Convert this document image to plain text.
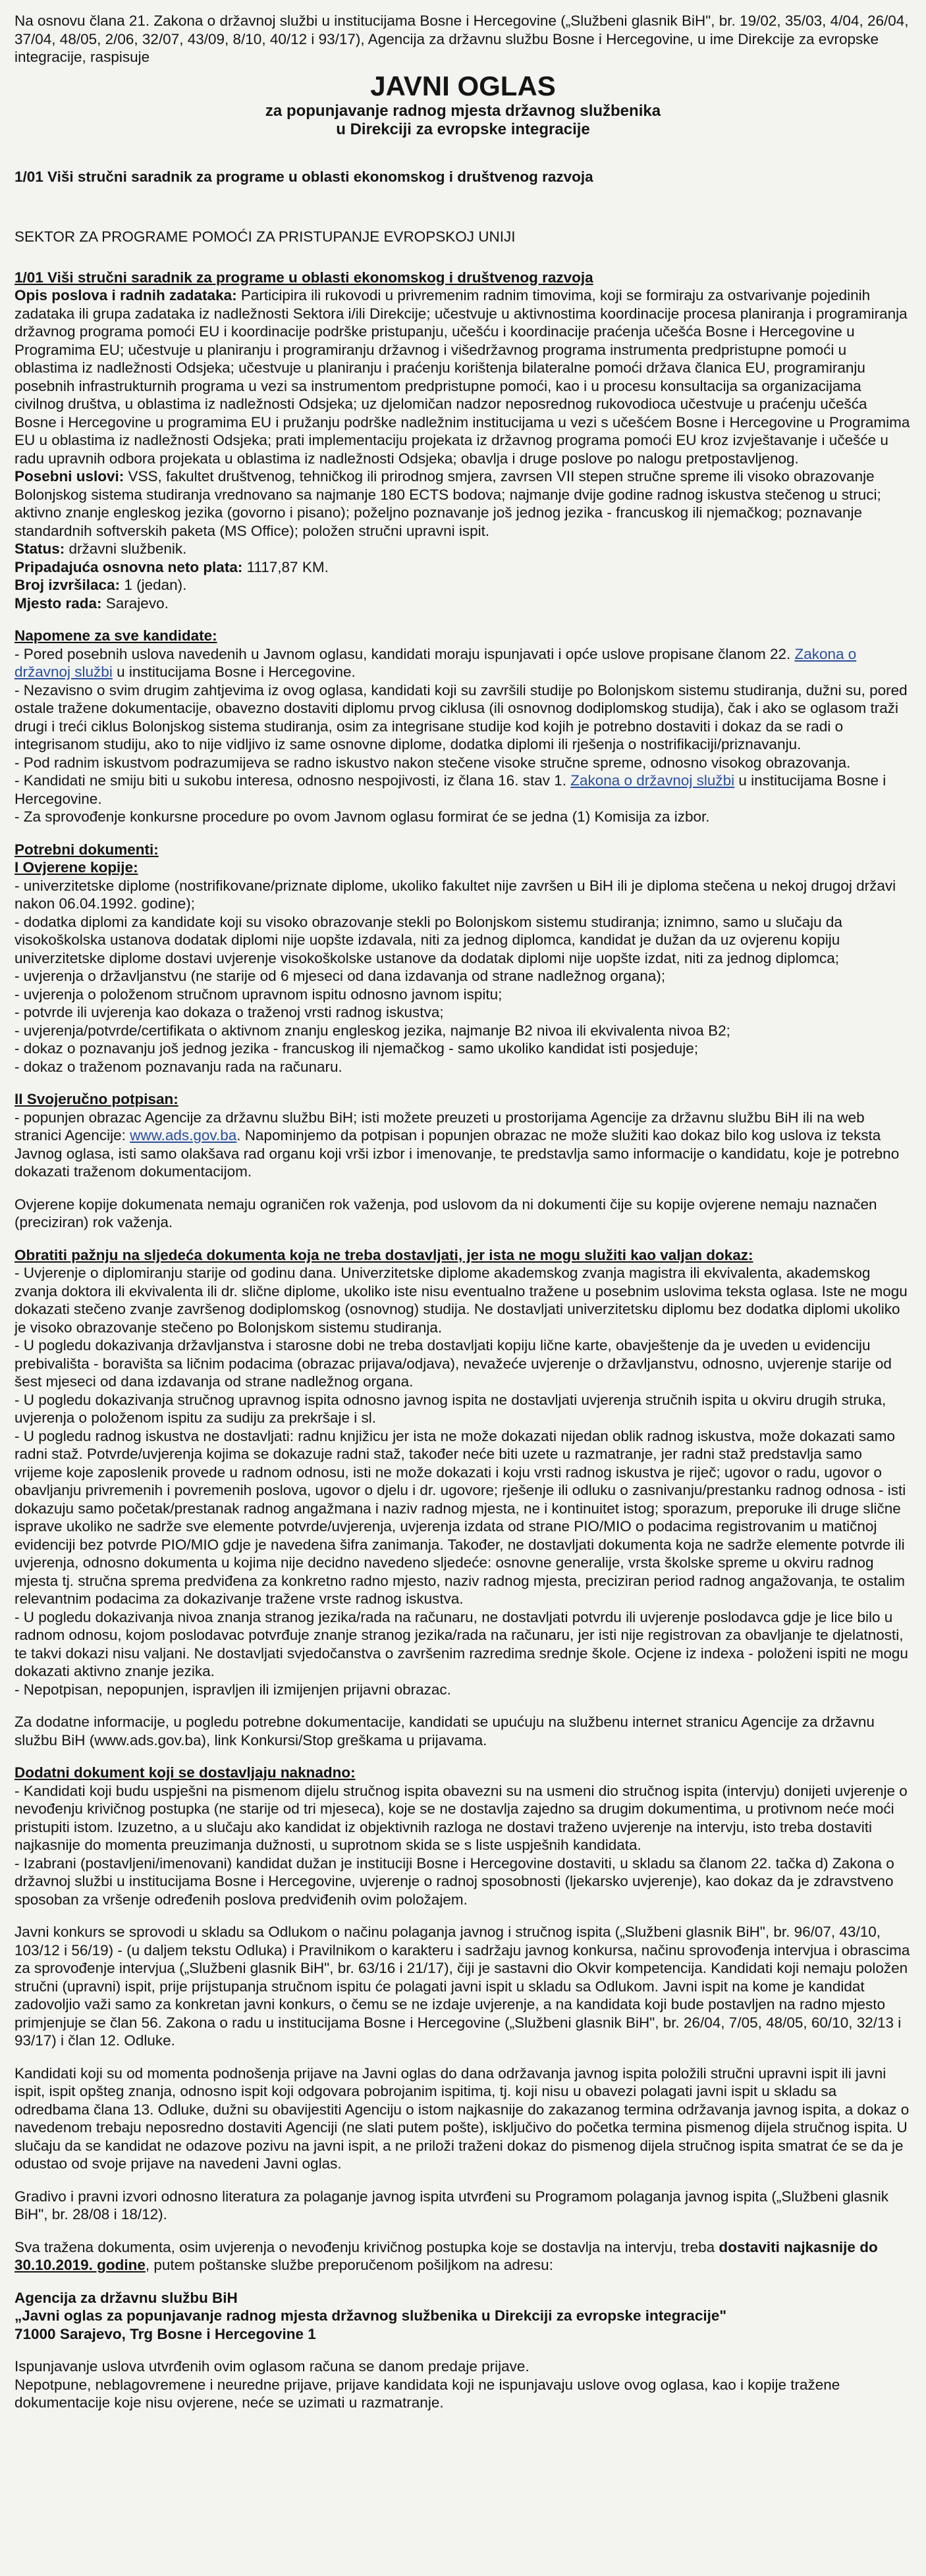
Na osnovu člana 21. Zakona o državnoj službi u institucijama Bosne i Hercegovine („Službeni glasnik BiH", br. 19/02, 35/03, 4/04, 26/04, 37/04, 48/05, 2/06, 32/07, 43/09, 8/10, 40/12 i 93/17), Agencija za državnu službu Bosne i Hercegovine, u ime Direkcije za evropske integracije, raspisuje

JAVNI OGLAS
za popunjavanje radnog mjesta državnog službenika
u Direkciji za evropske integracije

1/01 Viši stručni saradnik za programe u oblasti ekonomskog i društvenog razvoja

SEKTOR ZA PROGRAME POMOĆI ZA PRISTUPANJE EVROPSKOJ UNIJI

1/01 Viši stručni saradnik za programe u oblasti ekonomskog i društvenog razvoja

Opis poslova i radnih zadataka: Participira ili rukovodi u privremenim radnim timovima, koji se formiraju za ostvarivanje pojedinih zadataka ili grupa zadataka iz nadležnosti Sektora i/ili Direkcije; učestvuje u aktivnostima koordinacije procesa planiranja i programiranja državnog programa pomoći EU i koordinacije podrške pristupanju, učešću i koordinacije praćenja učešća Bosne i Hercegovine u Programima EU; učestvuje u planiranju i programiranju državnog i višedržavnog programa instrumenta predpristupne pomoći u oblastima iz nadležnosti Odsjeka; učestvuje u planiranju i praćenju korištenja bilateralne pomoći država članica EU, programiranju posebnih infrastrukturnih programa u vezi sa instrumentom predpristupne pomoći, kao i u procesu konsultacija sa organizacijama civilnog društva, u oblastima iz nadležnosti Odsjeka; uz djelomičan nadzor neposrednog rukovodioca učestvuje u praćenju učešća Bosne i Hercegovine u programima EU i pružanju podrške nadležnim institucijama u vezi s učešćem Bosne i Hercegovine u Programima EU u oblastima iz nadležnosti Odsjeka; prati implementaciju projekata iz državnog programa pomoći EU kroz izvještavanje i učešće u radu upravnih odbora projekata u oblastima iz nadležnosti Odsjeka; obavlja i druge poslove po nalogu pretpostavljenog.

Posebni uslovi: VSS, fakultet društvenog, tehničkog ili prirodnog smjera, zavrsen VII stepen stručne spreme ili visoko obrazovanje Bolonjskog sistema studiranja vrednovano sa najmanje 180 ECTS bodova; najmanje dvije godine radnog iskustva stečenog u struci; aktivno znanje engleskog jezika (govorno i pisano); poželjno poznavanje još jednog jezika - francuskog ili njemačkog; poznavanje standardnih softverskih paketa (MS Office); položen stručni upravni ispit.

Status: državni službenik.

Pripadajuća osnovna neto plata: 1117,87 KM.

Broj izvršilaca: 1 (jedan).

Mjesto rada: Sarajevo.

Napomene za sve kandidate:

- Pored posebnih uslova navedenih u Javnom oglasu, kandidati moraju ispunjavati i opće uslove propisane članom 22. Zakona o državnoj službi u institucijama Bosne i Hercegovine.

- Nezavisno o svim drugim zahtjevima iz ovog oglasa, kandidati koji su završili studije po Bolonjskom sistemu studiranja, dužni su, pored ostale tražene dokumentacije, obavezno dostaviti diplomu prvog ciklusa (ili osnovnog dodiplomskog studija), čak i ako se oglasom traži drugi i treći ciklus Bolonjskog sistema studiranja, osim za integrisane studije kod kojih je potrebno dostaviti i dokaz da se radi o integrisanom studiju, ako to nije vidljivo iz same osnovne diplome, dodatka diplomi ili rješenja o nostrifikaciji/priznavanju.

- Pod radnim iskustvom podrazumijeva se radno iskustvo nakon stečene visoke stručne spreme, odnosno visokog obrazovanja.

- Kandidati ne smiju biti u sukobu interesa, odnosno nespojivosti, iz člana 16. stav 1. Zakona o državnoj službi u institucijama Bosne i Hercegovine.

- Za sprovođenje konkursne procedure po ovom Javnom oglasu formirat će se jedna (1) Komisija za izbor.

Potrebni dokumenti:

I Ovjerene kopije:

- univerzitetske diplome (nostrifikovane/priznate diplome, ukoliko fakultet nije završen u BiH ili je diploma stečena u nekoj drugoj državi nakon 06.04.1992. godine);

- dodatka diplomi za kandidate koji su visoko obrazovanje stekli po Bolonjskom sistemu studiranja; iznimno, samo u slučaju da visokoškolska ustanova dodatak diplomi nije uopšte izdavala, niti za jednog diplomca, kandidat je dužan da uz ovjerenu kopiju univerzitetske diplome dostavi uvjerenje visokoškolske ustanove da dodatak diplomi nije uopšte izdat, niti za jednog diplomca;

- uvjerenja o državljanstvu (ne starije od 6 mjeseci od dana izdavanja od strane nadležnog organa);

- uvjerenja o položenom stručnom upravnom ispitu odnosno javnom ispitu;

- potvrde ili uvjerenja kao dokaza o traženoj vrsti radnog iskustva;

- uvjerenja/potvrde/certifikata o aktivnom znanju engleskog jezika, najmanje B2 nivoa ili ekvivalenta nivoa B2;

- dokaz o poznavanju još jednog jezika - francuskog ili njemačkog - samo ukoliko kandidat isti posjeduje;

- dokaz o traženom poznavanju rada na računaru.

II Svojeručno potpisan:

- popunjen obrazac Agencije za državnu službu BiH; isti možete preuzeti u prostorijama Agencije za državnu službu BiH ili na web stranici Agencije: www.ads.gov.ba. Napominjemo da potpisan i popunjen obrazac ne može služiti kao dokaz bilo kog uslova iz teksta Javnog oglasa, isti samo olakšava rad organu koji vrši izbor i imenovanje, te predstavlja samo informacije o kandidatu, koje je potrebno dokazati traženom dokumentacijom.

Ovjerene kopije dokumenata nemaju ograničen rok važenja, pod uslovom da ni dokumenti čije su kopije ovjerene nemaju naznačen (preciziran) rok važenja.

Obratiti pažnju na sljedeća dokumenta koja ne treba dostavljati, jer ista ne mogu služiti kao valjan dokaz:

- Uvjerenje o diplomiranju starije od godinu dana. Univerzitetske diplome akademskog zvanja magistra ili ekvivalenta, akademskog zvanja doktora ili ekvivalenta ili dr. slične diplome, ukoliko iste nisu eventualno tražene u posebnim uslovima teksta oglasa. Iste ne mogu dokazati stečeno zvanje završenog dodiplomskog (osnovnog) studija. Ne dostavljati univerzitetsku diplomu bez dodatka diplomi ukoliko je visoko obrazovanje stečeno po Bolonjskom sistemu studiranja.

- U pogledu dokazivanja državljanstva i starosne dobi ne treba dostavljati kopiju lične karte, obavještenje da je uveden u evidenciju prebivališta - boravišta sa ličnim podacima (obrazac prijava/odjava), nevažeće uvjerenje o državljanstvu, odnosno, uvjerenje starije od šest mjeseci od dana izdavanja od strane nadležnog organa.

- U pogledu dokazivanja stručnog upravnog ispita odnosno javnog ispita ne dostavljati uvjerenja stručnih ispita u okviru drugih struka, uvjerenja o položenom ispitu za sudiju za prekršaje i sl.

- U pogledu radnog iskustva ne dostavljati: radnu knjižicu jer ista ne može dokazati nijedan oblik radnog iskustva, može dokazati samo radni staž. Potvrde/uvjerenja kojima se dokazuje radni staž, također neće biti uzete u razmatranje, jer radni staž predstavlja samo vrijeme koje zaposlenik provede u radnom odnosu, isti ne može dokazati i koju vrsti radnog iskustva je riječ; ugovor o radu, ugovor o obavljanju privremenih i povremenih poslova, ugovor o djelu i dr. ugovore; rješenje ili odluku o zasnivanju/prestanku radnog odnosa - isti dokazuju samo početak/prestanak radnog angažmana i naziv radnog mjesta, ne i kontinuitet istog; sporazum, preporuke ili druge slične isprave ukoliko ne sadrže sve elemente potvrde/uvjerenja, uvjerenja izdata od strane PIO/MIO o podacima registrovanim u matičnoj evidenciji bez potvrde PIO/MIO gdje je navedena šifra zanimanja. Također, ne dostavljati dokumenta koja ne sadrže elemente potvrde ili uvjerenja, odnosno dokumenta u kojima nije decidno navedeno sljedeće: osnovne generalije, vrsta školske spreme u okviru radnog mjesta tj. stručna sprema predviđena za konkretno radno mjesto, naziv radnog mjesta, preciziran period radnog angažovanja, te ostalim relevantnim podacima za dokazivanje tražene vrste radnog iskustva.

- U pogledu dokazivanja nivoa znanja stranog jezika/rada na računaru, ne dostavljati potvrdu ili uvjerenje poslodavca gdje je lice bilo u radnom odnosu, kojom poslodavac potvrđuje znanje stranog jezika/rada na računaru, jer isti nije registrovan za obavljanje te djelatnosti, te takvi dokazi nisu valjani. Ne dostavljati svjedočanstva o završenim razredima srednje škole. Ocjene iz indexa - položeni ispiti ne mogu dokazati aktivno znanje jezika.

- Nepotpisan, nepopunjen, ispravljen ili izmijenjen prijavni obrazac.

Za dodatne informacije, u pogledu potrebne dokumentacije, kandidati se upućuju na službenu internet stranicu Agencije za državnu službu BiH (www.ads.gov.ba), link Konkursi/Stop greškama u prijavama.

Dodatni dokument koji se dostavljaju naknadno:

- Kandidati koji budu uspješni na pismenom dijelu stručnog ispita obavezni su na usmeni dio stručnog ispita (intervju) donijeti uvjerenje o nevođenju krivičnog postupka (ne starije od tri mjeseca), koje se ne dostavlja zajedno sa drugim dokumentima, u protivnom neće moći pristupiti istom. Izuzetno, a u slučaju ako kandidat iz objektivnih razloga ne dostavi traženo uvjerenje na intervju, isto treba dostaviti najkasnije do momenta preuzimanja dužnosti, u suprotnom skida se s liste uspješnih kandidata.

- Izabrani (postavljeni/imenovani) kandidat dužan je instituciji Bosne i Hercegovine dostaviti, u skladu sa članom 22. tačka d) Zakona o državnoj službi u institucijama Bosne i Hercegovine, uvjerenje o radnoj sposobnosti (ljekarsko uvjerenje), kao dokaz da je zdravstveno sposoban za vršenje određenih poslova predviđenih ovim položajem.

Javni konkurs se sprovodi u skladu sa Odlukom o načinu polaganja javnog i stručnog ispita („Službeni glasnik BiH", br. 96/07, 43/10, 103/12 i 56/19) - (u daljem tekstu Odluka) i Pravilnikom o karakteru i sadržaju javnog konkursa, načinu sprovođenja intervjua i obrascima za sprovođenje intervjua („Službeni glasnik BiH", br. 63/16 i 21/17), čiji je sastavni dio Okvir kompetencija. Kandidati koji nemaju položen stručni (upravni) ispit, prije prijstupanja stručnom ispitu će polagati javni ispit u skladu sa Odlukom. Javni ispit na kome je kandidat zadovoljio važi samo za konkretan javni konkurs, o čemu se ne izdaje uvjerenje, a na kandidata koji bude postavljen na radno mjesto primjenjuje se član 56. Zakona o radu u institucijama Bosne i Hercegovine („Službeni glasnik BiH", br. 26/04, 7/05, 48/05, 60/10, 32/13 i 93/17) i član 12. Odluke.

Kandidati koji su od momenta podnošenja prijave na Javni oglas do dana održavanja javnog ispita položili stručni upravni ispit ili javni ispit, ispit opšteg znanja, odnosno ispit koji odgovara pobrojanim ispitima, tj. koji nisu u obavezi polagati javni ispit u skladu sa odredbama člana 13. Odluke, dužni su obavijestiti Agenciju o istom najkasnije do zakazanog termina održavanja javnog ispita, a dokaz o navedenom trebaju neposredno dostaviti Agenciji (ne slati putem pošte), isključivo do početka termina pismenog dijela stručnog ispita. U slučaju da se kandidat ne odazove pozivu na javni ispit, a ne priloži traženi dokaz do pismenog dijela stručnog ispita smatrat će se da je odustao od svoje prijave na navedeni Javni oglas.

Gradivo i pravni izvori odnosno literatura za polaganje javnog ispita utvrđeni su Programom polaganja javnog ispita („Službeni glasnik BiH", br. 28/08 i 18/12).

Sva tražena dokumenta, osim uvjerenja o nevođenju krivičnog postupka koje se dostavlja na intervju, treba dostaviti najkasnije do 30.10.2019. godine, putem poštanske službe preporučenom pošiljkom na adresu:

Agencija za državnu službu BiH

„Javni oglas za popunjavanje radnog mjesta državnog službenika u Direkciji za evropske integracije"

71000 Sarajevo, Trg Bosne i Hercegovine 1

Ispunjavanje uslova utvrđenih ovim oglasom računa se danom predaje prijave.

Nepotpune, neblagovremene i neuredne prijave, prijave kandidata koji ne ispunjavaju uslove ovog oglasa, kao i kopije tražene dokumentacije koje nisu ovjerene, neće se uzimati u razmatranje.
